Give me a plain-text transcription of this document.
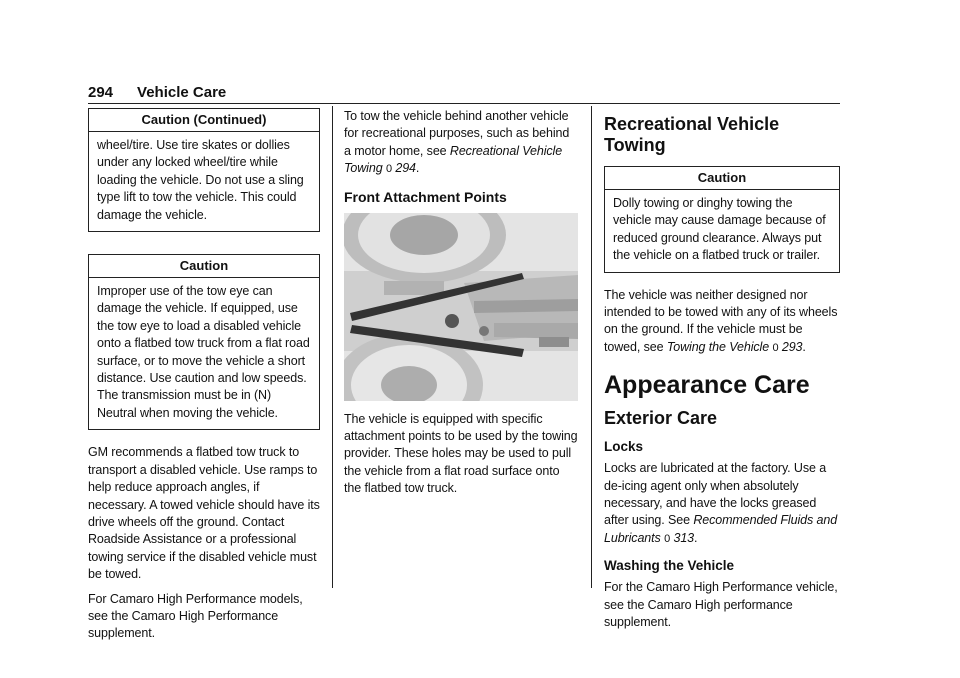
294 Vehicle Care
Caution (Continued)

wheel/tire. Use tire skates or dollies under any locked wheel/tire while loading the vehicle. Do not use a sling type lift to tow the vehicle. This could damage the vehicle.

Caution

Improper use of the tow eye can damage the vehicle. If equipped, use the tow eye to load a disabled vehicle onto a flatbed tow truck from a flat road surface, or to move the vehicle a short distance. Use caution and low speeds. The transmission must be in (N) Neutral when moving the vehicle.

GM recommends a flatbed tow truck to transport a disabled vehicle. Use ramps to help reduce approach angles, if necessary. A towed vehicle should have its drive wheels off the ground. Contact Roadside Assistance or a professional towing service if the disabled vehicle must be towed.

For Camaro High Performance models, see the Camaro High Performance supplement.

To tow the vehicle behind another vehicle for recreational purposes, such as behind a motor home, see Recreational Vehicle Towing 0 294.

Front Attachment Points

The vehicle is equipped with specific attachment points to be used by the towing provider. These holes may be used to pull the vehicle from a flat road surface onto the flatbed tow truck.

Recreational Vehicle Towing
Caution

Dolly towing or dinghy towing the vehicle may cause damage because of reduced ground clearance. Always put the vehicle on a flatbed truck or trailer.

The vehicle was neither designed nor intended to be towed with any of its wheels on the ground. If the vehicle must be towed, see Towing the Vehicle 0 293.

Appearance Care
Exterior Care
Locks

Locks are lubricated at the factory. Use a de-icing agent only when absolutely necessary, and have the locks greased after using. See Recommended Fluids and Lubricants 0 313.

Washing the Vehicle

For the Camaro High Performance vehicle, see the Camaro High performance supplement.
